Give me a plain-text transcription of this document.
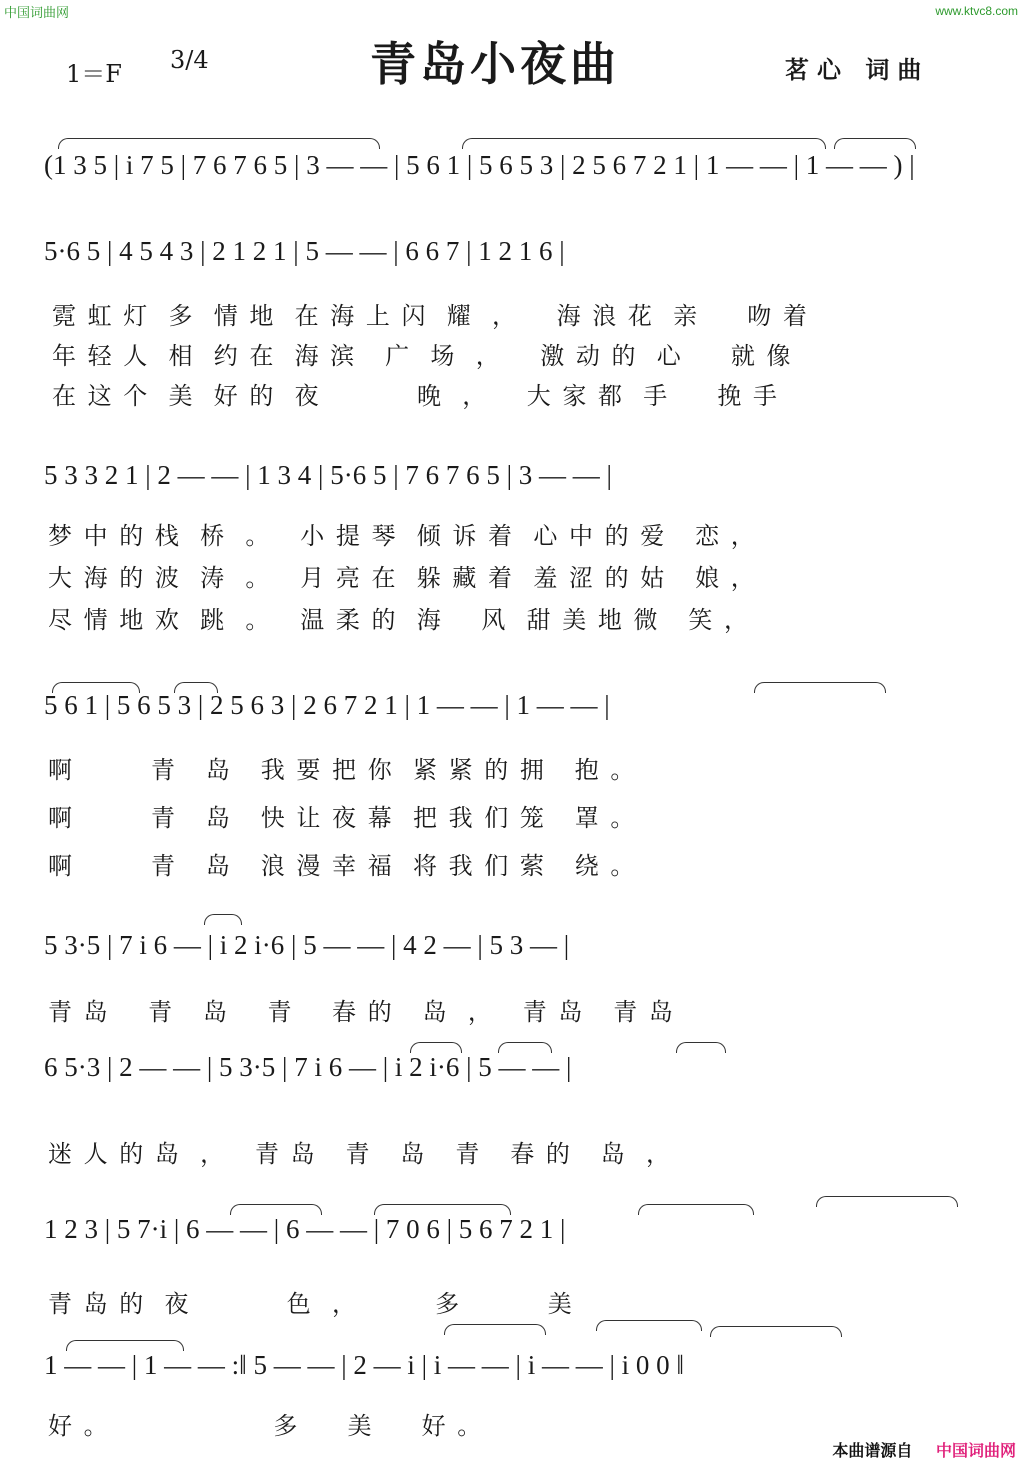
中国词曲网	www.ktvc8.com
1＝F 3/4	青岛小夜曲	茗心 词曲
(1 3 5 | i 7 5 | 7 6 7 6 5 | 3 — — | 5 6 1 | 5 6 5 3 | 2 5 6 7 2 1 | 1 — — | 1 — — ) |
5·6 5 | 4 5 4 3 | 2 1 2 1 | 5 — — | 6 6 7 | 1 2 1 6 |
霓 虹 灯  多  情 地  在 海 上 闪  耀  ，    海 浪 花  亲     吻 着
年 轻 人  相  约 在  海 滨   广  场  ，    激 动 的  心     就 像
在 这 个  美  好 的  夜          晚  ，    大 家 都  手     挽 手
5 3 3 2 1 | 2 — — | 1 3 4 | 5·6 5 | 7 6 7 6 5 | 3 — — |
梦 中 的 栈  桥  。   小 提 琴  倾 诉 着  心 中 的 爱   恋 ，
大 海 的 波  涛  。   月 亮 在  躲 藏 着  羞 涩 的 姑   娘 ，
尽 情 地 欢  跳  。   温 柔 的  海    风  甜 美 地 微   笑 ，
5 6 1 | 5 6 5 3 | 2 5 6 3 | 2 6 7 2 1 | 1 — — | 1 — — |
啊        青   岛   我 要 把 你  紧 紧 的 拥   抱 。
啊        青   岛   快 让 夜 幕  把 我 们 笼   罩 。
啊        青   岛   浪 漫 幸 福  将 我 们 萦   绕 。
5 3·5 | 7 i 6 — | i 2 i·6 | 5 — — | 4 2 — | 5 3 — |
青 岛    青   岛    青    春 的   岛  ，   青 岛   青 岛
6 5·3 | 2 — — | 5 3·5 | 7 i 6 — | i 2 i·6 | 5 — — |
迷 人 的 岛  ，   青 岛   青   岛   青   春 的   岛  ，
1 2 3 | 5 7·i | 6 — — | 6 — — | 7 0 6 | 5 6 7 2 1 |
青 岛 的  夜          色  ，        多         美
1 — — | 1 — — :‖ 5 — — | 2 — i | i — — | i — — | i 0 0 ‖
好 。                 多     美     好 。
本曲谱源自 中国词曲网
